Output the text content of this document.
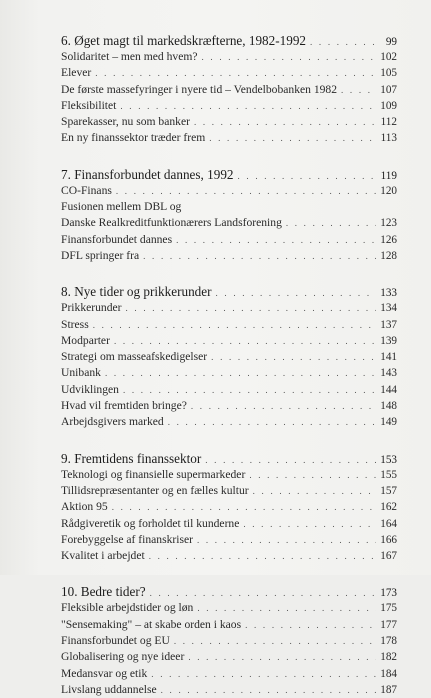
6. Øget magt til markedskræfterne, 1982-1992 . . .	99
Solidaritet – men med hvem? . . .	102
Elever . . .	105
De første massefyringer i nyere tid – Vendelbobanken 1982 . . .	107
Fleksibilitet . . .	109
Sparekasser, nu som banker . . .	112
En ny finanssektor træder frem . . .	113
7. Finansforbundet dannes, 1992 . . .	119
CO-Finans . . .	120
Fusionen mellem DBL og
Danske Realkreditfunktionærers Landsforening . . .	123
Finansforbundet dannes . . .	126
DFL springer fra . . .	128
8. Nye tider og prikkerunder . . .	133
Prikkerunder . . .	134
Stress . . .	137
Modparter . . .	139
Strategi om masseafskedigelser . . .	141
Unibank . . .	143
Udviklingen . . .	144
Hvad vil fremtiden bringe? . . .	148
Arbejdsgivers marked . . .	149
9. Fremtidens finanssektor . . .	153
Teknologi og finansielle supermarkeder . . .	155
Tillidsrepræsentanter og en fælles kultur . . .	157
Aktion 95 . . .	162
Rådgiveretik og forholdet til kunderne . . .	164
Forebyggelse af finanskriser . . .	166
Kvalitet i arbejdet . . .	167
10. Bedre tider? . . .	173
Fleksible arbejdstider og løn . . .	175
"Sensemaking" – at skabe orden i kaos . . .	177
Finansforbundet og EU . . .	178
Globalisering og nye ideer . . .	182
Medansvar og etik . . .	184
Livslang uddannelse . . .	187
